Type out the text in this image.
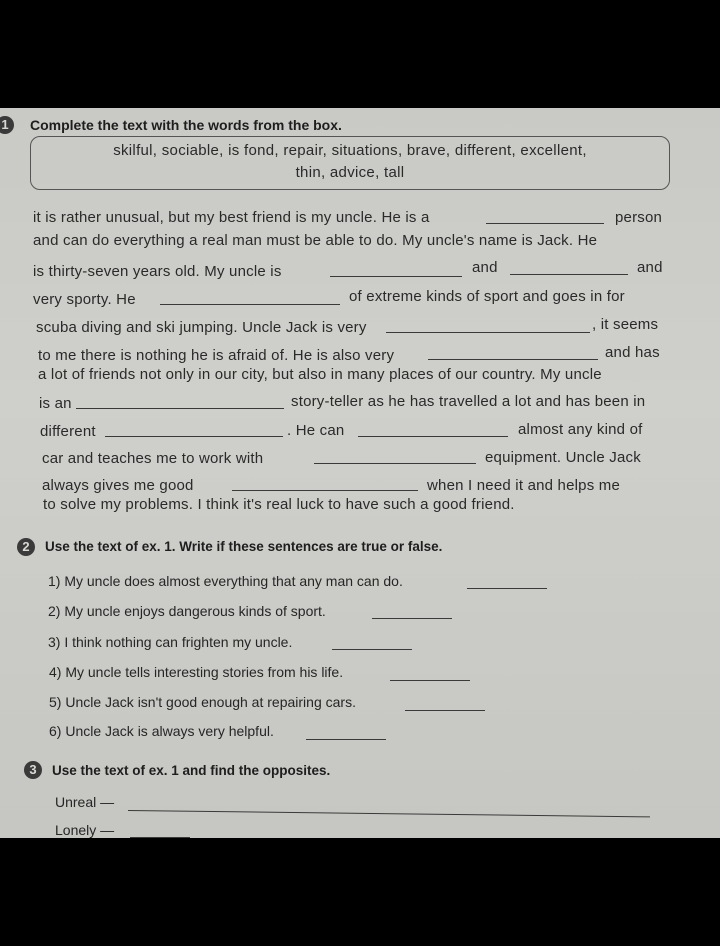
1	Complete the text with the words from the box.
skilful, sociable, is fond, repair, situations, brave, different, excellent,
thin, advice, tall
it is rather unusual, but my best friend is my uncle. He is a	person
and can do everything a real man must be able to do. My uncle's name is Jack. He
is thirty-seven years old. My uncle is	and	and
very sporty. He	of extreme kinds of sport and goes in for
scuba diving and ski jumping. Uncle Jack is very	, it seems
to me there is nothing he is afraid of. He is also very	and has
a lot of friends not only in our city, but also in many places of our country. My uncle
is an	story-teller as he has travelled a lot and has been in
different	. He can	almost any kind of
car and teaches me to work with	equipment. Uncle Jack
always gives me good	when I need it and helps me
to solve my problems. I think it's real luck to have such a good friend.
2	Use the text of ex. 1. Write if these sentences are true or false.
1) My uncle does almost everything that any man can do.
2) My uncle enjoys dangerous kinds of sport.
3) I think nothing can frighten my uncle.
4) My uncle tells interesting stories from his life.
5) Uncle Jack isn't good enough at repairing cars.
6) Uncle Jack is always very helpful.
3	Use the text of ex. 1 and find the opposites.
Unreal —
Lonely —
